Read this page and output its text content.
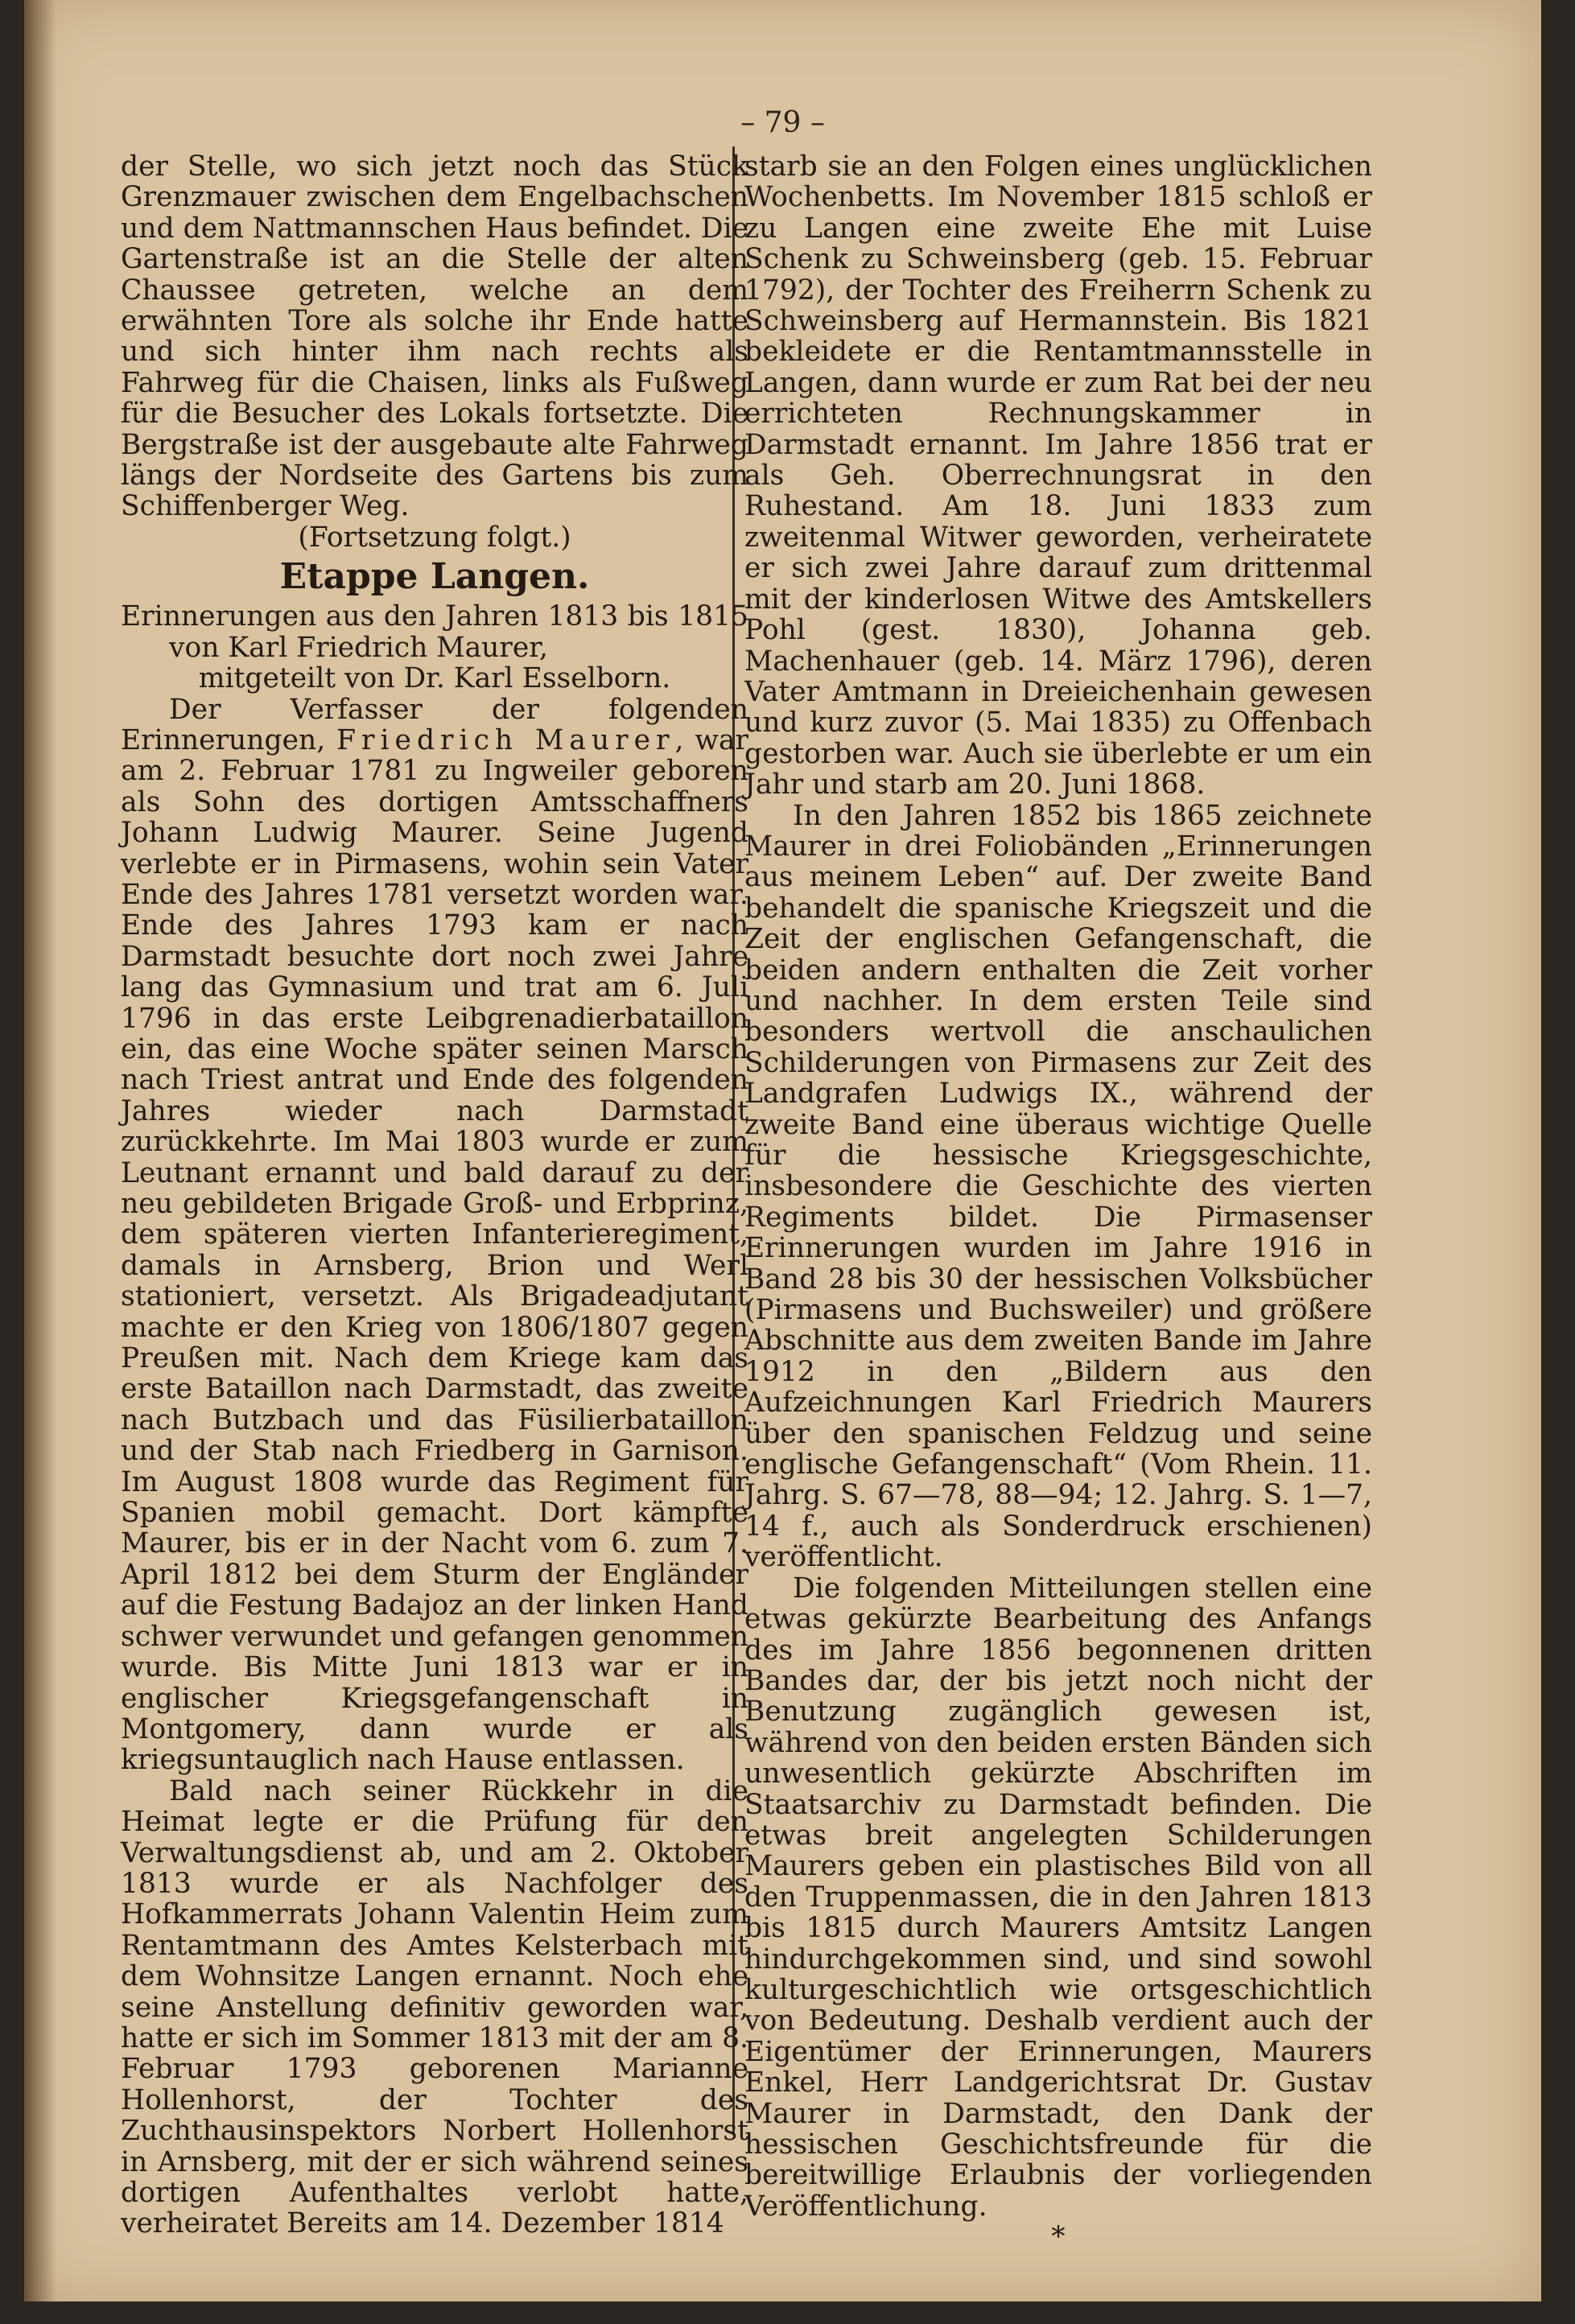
– 79 –

der Stelle, wo sich jetzt noch das Stück Grenzmauer zwischen dem Engelbachschen und dem Nattmannschen Haus befindet. Die Gartenstraße ist an die Stelle der alten Chaussee getreten, welche an dem erwähnten Tore als solche ihr Ende hatte und sich hinter ihm nach rechts als Fahrweg für die Chaisen, links als Fußweg für die Besucher des Lokals fortsetzte. Die Bergstraße ist der ausgebaute alte Fahrweg längs der Nordseite des Gartens bis zum Schiffenberger Weg.

(Fortsetzung folgt.)

Etappe Langen.

Erinnerungen aus den Jahren 1813 bis 1815 von Karl Friedrich Maurer,

mitgeteilt von Dr. Karl Esselborn.

Der Verfasser der folgenden Erinnerungen, Friedrich Maurer, war am 2. Februar 1781 zu Ingweiler geboren als Sohn des dortigen Amtsschaffners Johann Ludwig Maurer. Seine Jugend verlebte er in Pirmasens, wohin sein Vater Ende des Jahres 1781 versetzt worden war. Ende des Jahres 1793 kam er nach Darmstadt besuchte dort noch zwei Jahre lang das Gymnasium und trat am 6. Juli 1796 in das erste Leibgrenadierbataillon ein, das eine Woche später seinen Marsch nach Triest antrat und Ende des folgenden Jahres wieder nach Darmstadt zurückkehrte. Im Mai 1803 wurde er zum Leutnant ernannt und bald darauf zu der neu gebildeten Brigade Groß- und Erbprinz, dem späteren vierten Infanterieregiment, damals in Arnsberg, Brion und Werl stationiert, versetzt. Als Brigadeadjutant machte er den Krieg von 1806/1807 gegen Preußen mit. Nach dem Kriege kam das erste Bataillon nach Darmstadt, das zweite nach Butzbach und das Füsilierbataillon und der Stab nach Friedberg in Garnison. Im August 1808 wurde das Regiment für Spanien mobil gemacht. Dort kämpfte Maurer, bis er in der Nacht vom 6. zum 7. April 1812 bei dem Sturm der Engländer auf die Festung Badajoz an der linken Hand schwer verwundet und gefangen genommen wurde. Bis Mitte Juni 1813 war er in englischer Kriegsgefangenschaft in Montgomery, dann wurde er als kriegsuntauglich nach Hause entlassen.

Bald nach seiner Rückkehr in die Heimat legte er die Prüfung für den Verwaltungsdienst ab, und am 2. Oktober 1813 wurde er als Nachfolger des Hofkammerrats Johann Valentin Heim zum Rentamtmann des Amtes Kelsterbach mit dem Wohnsitze Langen ernannt. Noch ehe seine Anstellung definitiv geworden war, hatte er sich im Sommer 1813 mit der am 8. Februar 1793 geborenen Marianne Hollenhorst, der Tochter des Zuchthausinspektors Norbert Hollenhorst in Arnsberg, mit der er sich während seines dortigen Aufenthaltes verlobt hatte, verheiratet Bereits am 14. Dezember 1814

starb sie an den Folgen eines unglücklichen Wochenbetts. Im November 1815 schloß er zu Langen eine zweite Ehe mit Luise Schenk zu Schweinsberg (geb. 15. Februar 1792), der Tochter des Freiherrn Schenk zu Schweinsberg auf Hermannstein. Bis 1821 bekleidete er die Rentamtmannsstelle in Langen, dann wurde er zum Rat bei der neu errichteten Rechnungskammer in Darmstadt ernannt. Im Jahre 1856 trat er als Geh. Oberrechnungsrat in den Ruhestand. Am 18. Juni 1833 zum zweitenmal Witwer geworden, verheiratete er sich zwei Jahre darauf zum drittenmal mit der kinderlosen Witwe des Amtskellers Pohl (gest. 1830), Johanna geb. Machenhauer (geb. 14. März 1796), deren Vater Amtmann in Dreieichenhain gewesen und kurz zuvor (5. Mai 1835) zu Offenbach gestorben war. Auch sie überlebte er um ein Jahr und starb am 20. Juni 1868.

In den Jahren 1852 bis 1865 zeichnete Maurer in drei Foliobänden „Erinnerungen aus meinem Leben“ auf. Der zweite Band behandelt die spanische Kriegszeit und die Zeit der englischen Gefangenschaft, die beiden andern enthalten die Zeit vorher und nachher. In dem ersten Teile sind besonders wertvoll die anschaulichen Schilderungen von Pirmasens zur Zeit des Landgrafen Ludwigs IX., während der zweite Band eine überaus wichtige Quelle für die hessische Kriegsgeschichte, insbesondere die Geschichte des vierten Regiments bildet. Die Pirmasenser Erinnerungen wurden im Jahre 1916 in Band 28 bis 30 der hessischen Volksbücher (Pirmasens und Buchsweiler) und größere Abschnitte aus dem zweiten Bande im Jahre 1912 in den „Bildern aus den Aufzeichnungen Karl Friedrich Maurers über den spanischen Feldzug und seine englische Gefangenschaft“ (Vom Rhein. 11. Jahrg. S. 67—78, 88—94; 12. Jahrg. S. 1—7, 14 f., auch als Sonderdruck erschienen) veröffentlicht.

Die folgenden Mitteilungen stellen eine etwas gekürzte Bearbeitung des Anfangs des im Jahre 1856 begonnenen dritten Bandes dar, der bis jetzt noch nicht der Benutzung zugänglich gewesen ist, während von den beiden ersten Bänden sich unwesentlich gekürzte Abschriften im Staatsarchiv zu Darmstadt befinden. Die etwas breit angelegten Schilderungen Maurers geben ein plastisches Bild von all den Truppenmassen, die in den Jahren 1813 bis 1815 durch Maurers Amtsitz Langen hindurchgekommen sind, und sind sowohl kulturgeschichtlich wie ortsgeschichtlich von Bedeutung. Deshalb verdient auch der Eigentümer der Erinnerungen, Maurers Enkel, Herr Landgerichtsrat Dr. Gustav Maurer in Darmstadt, den Dank der hessischen Geschichtsfreunde für die bereitwillige Erlaubnis der vorliegenden Veröffentlichung.

*
